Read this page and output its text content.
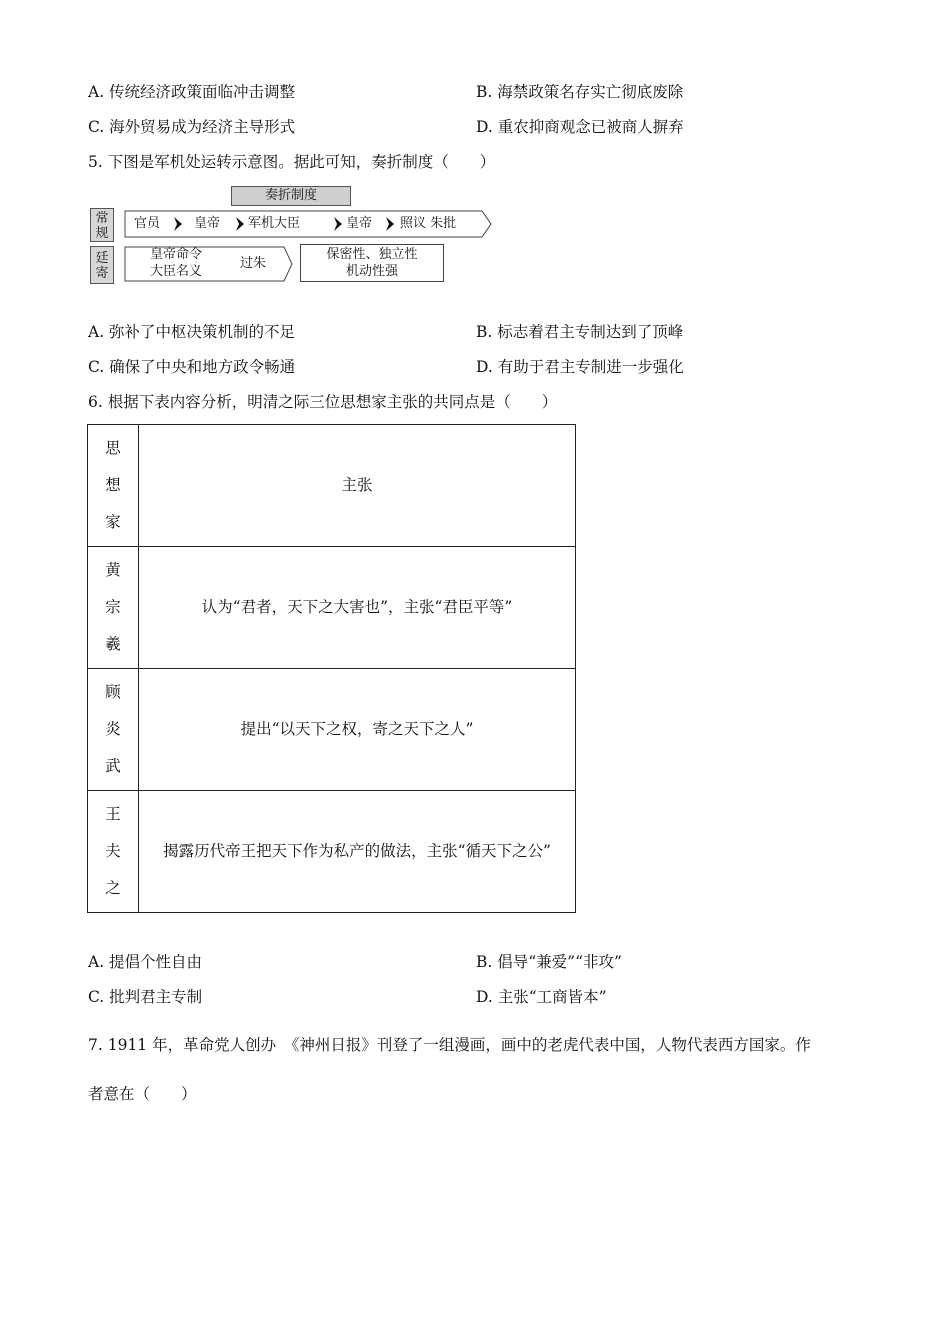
A. 传统经济政策面临冲击调整	B. 海禁政策名存实亡彻底废除
C. 海外贸易成为经济主导形式	D. 重农抑商观念已被商人摒弃
5. 下图是军机处运转示意图。据此可知，奏折制度（　　）
奏折制度
常规
廷寄
官员	皇帝 军机大臣	皇帝 照议 朱批
皇帝命令
大臣名义
过朱
保密性、独立性
机动性强
A. 弥补了中枢决策机制的不足	B. 标志着君主专制达到了顶峰
C. 确保了中央和地方政令畅通	D. 有助于君主专制进一步强化
6. 根据下表内容分析，明清之际三位思想家主张的共同点是（　　）
思
想
家	主张

黄
宗
羲	认为“君者，天下之大害也”，主张“君臣平等”

顾
炎
武	提出“以天下之权，寄之天下之人”

王
夫
之	揭露历代帝王把天下作为私产的做法，主张“循天下之公”
A. 提倡个性自由	B. 倡导“兼爱”“非攻”
C. 批判君主专制	D. 主张“工商皆本”
7. 1911 年，革命党人创办　《神州日报》刊登了一组漫画，画中的老虎代表中国，人物代表西方国家。作
者意在（　　）
